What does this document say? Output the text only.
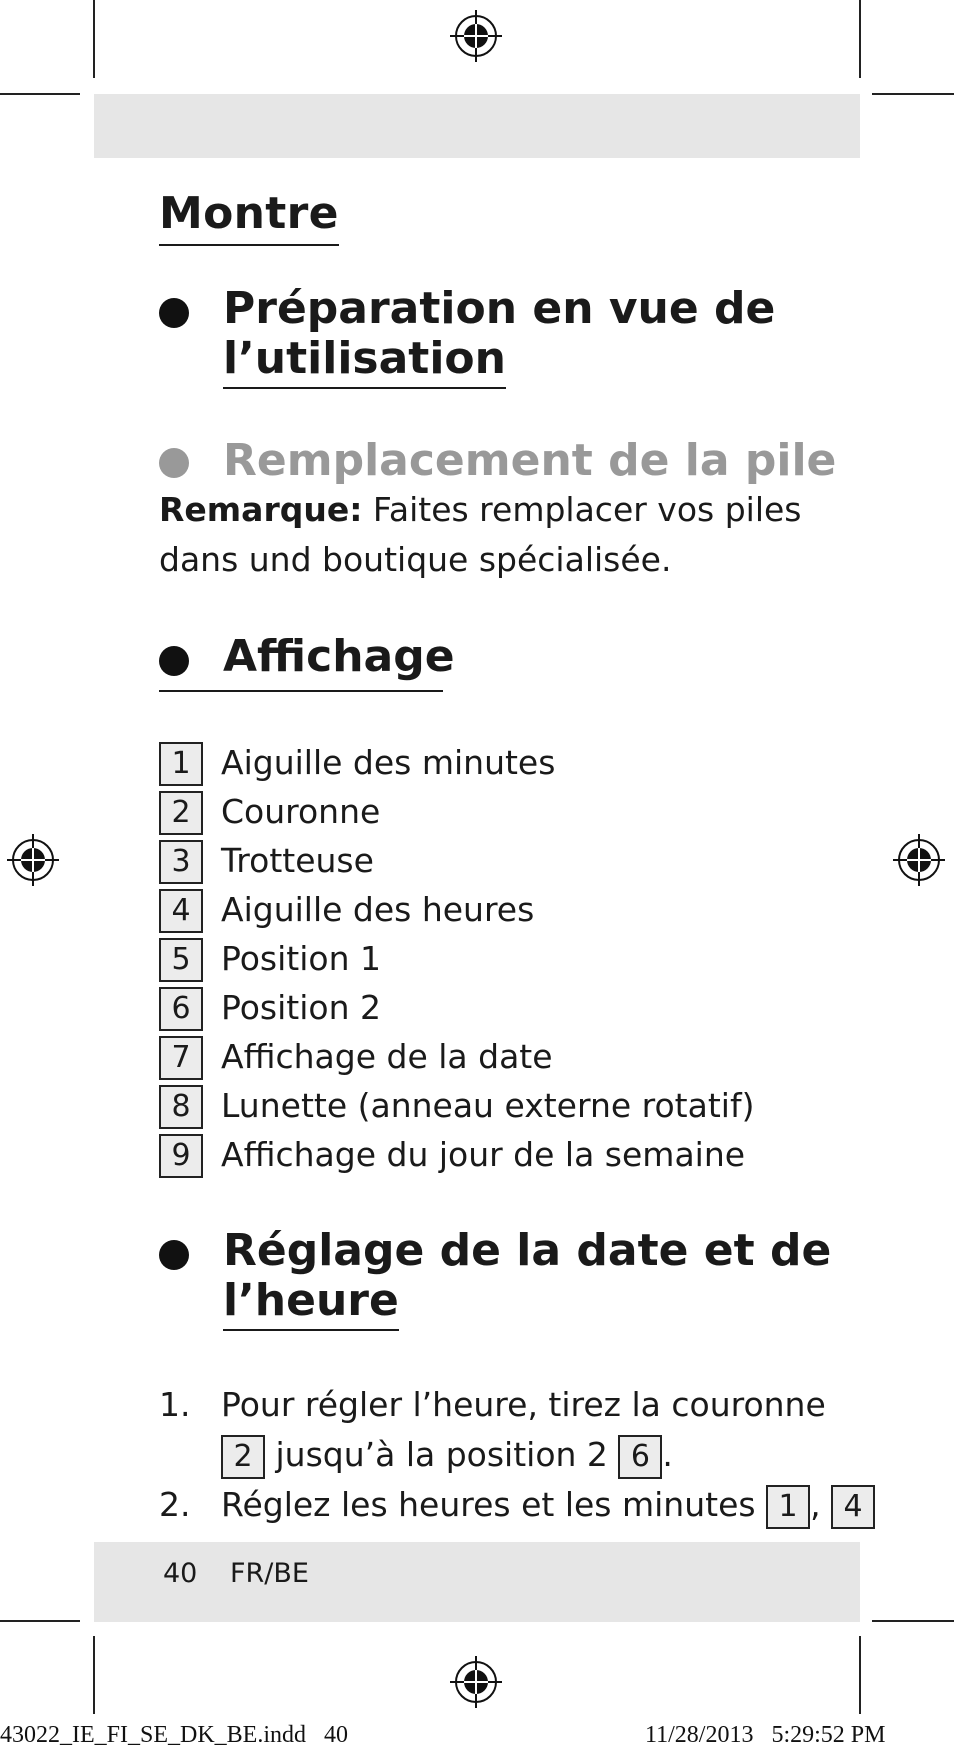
Montre
Préparation en vue de
l’utilisation
Remplacement de la pile
Remarque: Faites remplacer vos piles
dans und boutique spécialisée.
Affichage
1 Aiguille des minutes
2 Couronne
3 Trotteuse
4 Aiguille des heures
5 Position 1
6 Position 2
7 Affichage de la date
8 Lunette (anneau externe rotatif)
9 Affichage du jour de la semaine
Réglage de la date et de
l’heure
1. Pour régler l’heure, tirez la couronne
2 jusqu’à la position 2 6 .
2. Réglez les heures et les minutes 1 , 4
40 FR/BE
43022_IE_FI_SE_DK_BE.indd   40	11/28/2013   5:29:52 PM
